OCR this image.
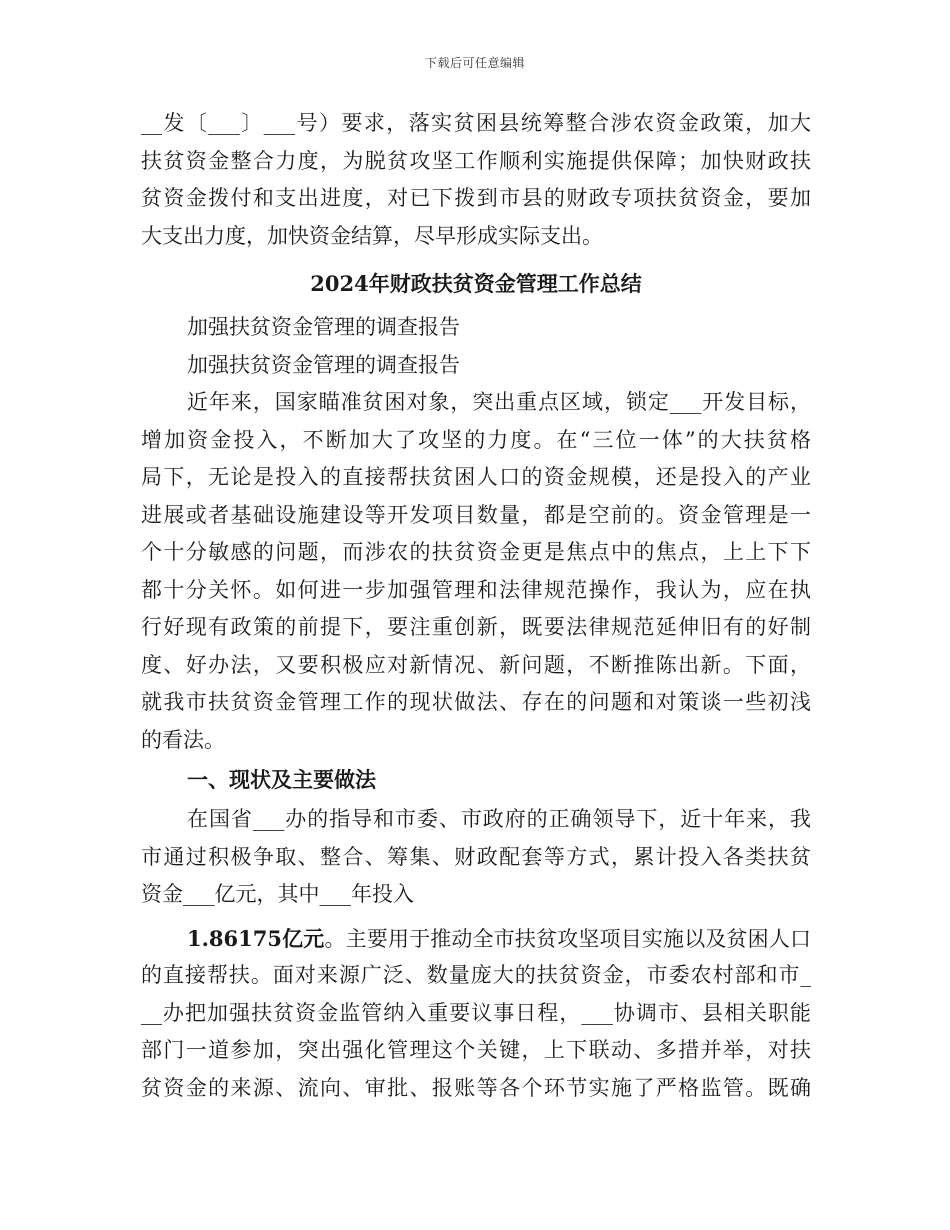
下载后可任意编辑
__发〔___〕___号）要求，落实贫困县统筹整合涉农资金政策，加大
扶贫资金整合力度，为脱贫攻坚工作顺利实施提供保障；加快财政扶
贫资金拨付和支出进度，对已下拨到市县的财政专项扶贫资金，要加
大支出力度，加快资金结算，尽早形成实际支出。
2024年财政扶贫资金管理工作总结
加强扶贫资金管理的调查报告
加强扶贫资金管理的调查报告
近年来，国家瞄准贫困对象，突出重点区域，锁定___开发目标，
增加资金投入，不断加大了攻坚的力度。在“三位一体”的大扶贫格
局下，无论是投入的直接帮扶贫困人口的资金规模，还是投入的产业
进展或者基础设施建设等开发项目数量，都是空前的。资金管理是一
个十分敏感的问题，而涉农的扶贫资金更是焦点中的焦点，上上下下
都十分关怀。如何进一步加强管理和法律规范操作，我认为，应在执
行好现有政策的前提下，要注重创新，既要法律规范延伸旧有的好制
度、好办法，又要积极应对新情况、新问题，不断推陈出新。下面，
就我市扶贫资金管理工作的现状做法、存在的问题和对策谈一些初浅
的看法。
一、现状及主要做法
在国省___办的指导和市委、市政府的正确领导下，近十年来，我
市通过积极争取、整合、筹集、财政配套等方式，累计投入各类扶贫
资金___亿元，其中___年投入
1.86175亿元。主要用于推动全市扶贫攻坚项目实施以及贫困人口
的直接帮扶。面对来源广泛、数量庞大的扶贫资金，市委农村部和市_
__办把加强扶贫资金监管纳入重要议事日程，___协调市、县相关职能
部门一道参加，突出强化管理这个关键，上下联动、多措并举，对扶
贫资金的来源、流向、审批、报账等各个环节实施了严格监管。既确
